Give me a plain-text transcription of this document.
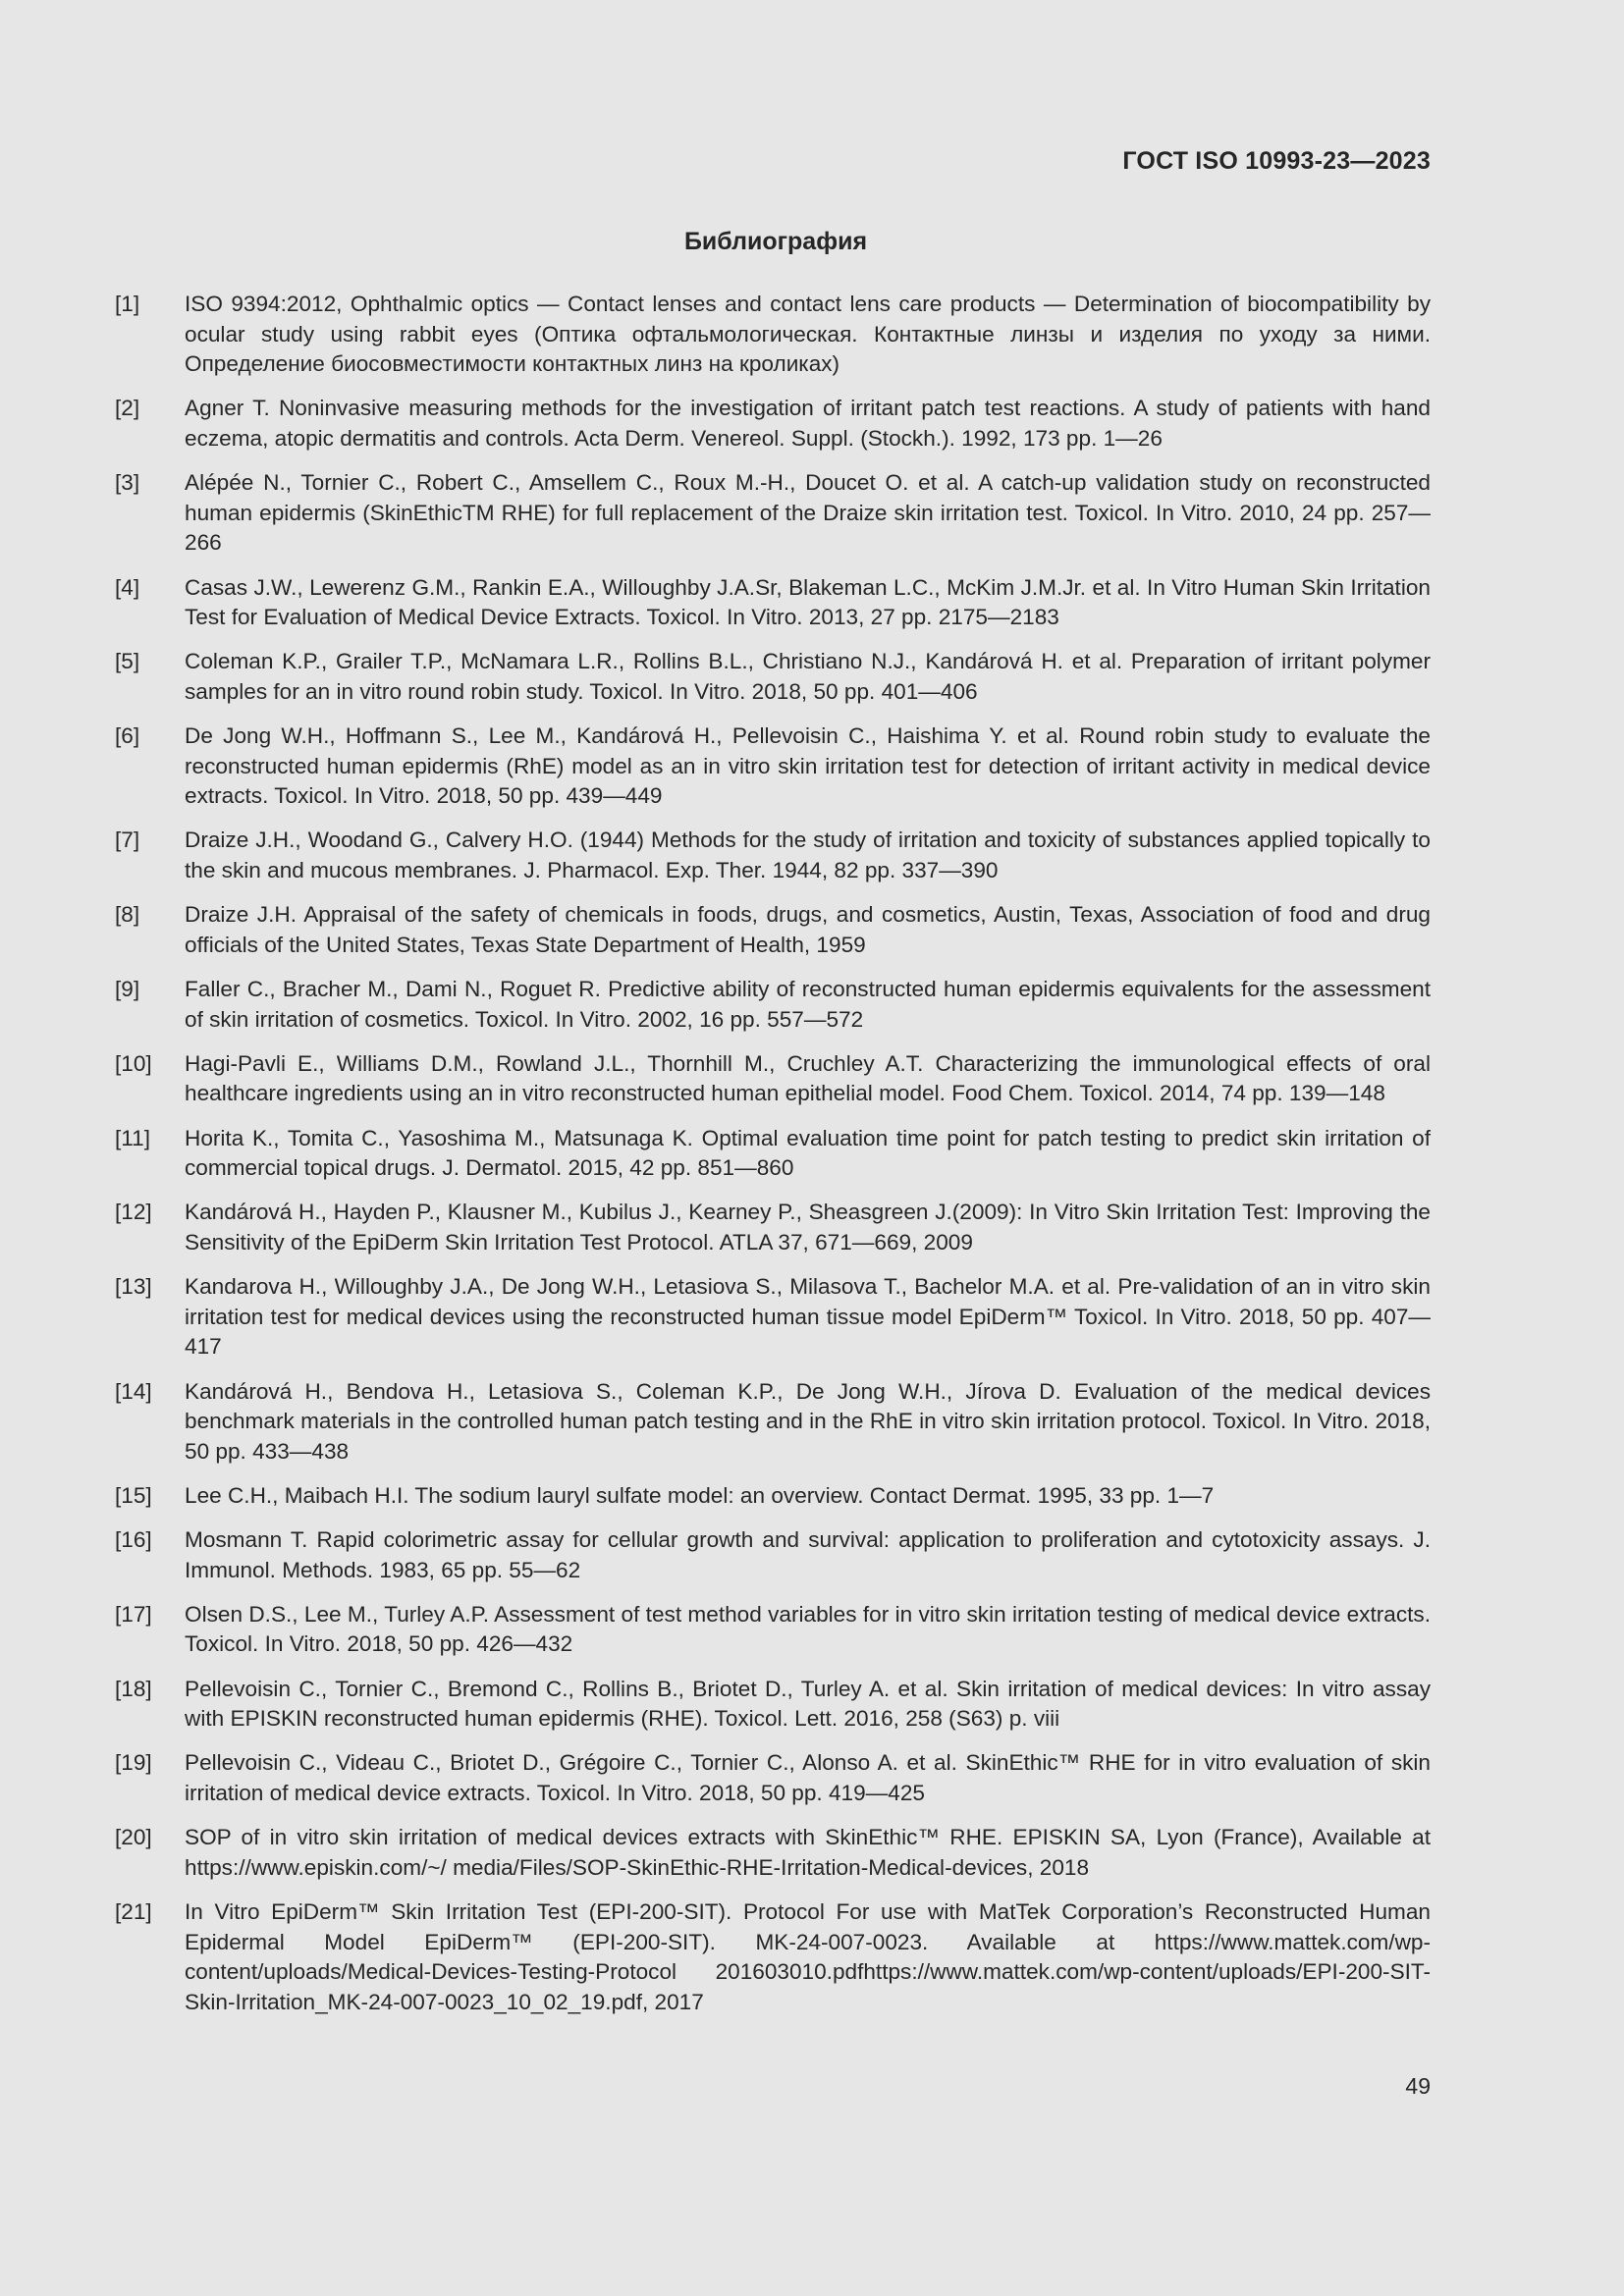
ГОСТ ISO 10993-23—2023
Библиография
[1]	ISO 9394:2012, Ophthalmic optics — Contact lenses and contact lens care products — Determination of biocompatibility by ocular study using rabbit eyes (Оптика офтальмологическая. Контактные линзы и изделия по уходу за ними. Определение биосовместимости контактных линз на кроликах)
[2]	Agner T. Noninvasive measuring methods for the investigation of irritant patch test reactions. A study of patients with hand eczema, atopic dermatitis and controls. Acta Derm. Venereol. Suppl. (Stockh.). 1992, 173 pp. 1—26
[3]	Alépée N., Tornier C., Robert C., Amsellem C., Roux M.-H., Doucet O. et al. A catch-up validation study on reconstructed human epidermis (SkinEthicTM RHE) for full replacement of the Draize skin irritation test. Toxicol. In Vitro. 2010, 24 pp. 257—266
[4]	Casas J.W., Lewerenz G.M., Rankin E.A., Willoughby J.A.Sr, Blakeman L.C., McKim J.M.Jr. et al. In Vitro Human Skin Irritation Test for Evaluation of Medical Device Extracts. Toxicol. In Vitro. 2013, 27 pp. 2175—2183
[5]	Coleman K.P., Grailer T.P., McNamara L.R., Rollins B.L., Christiano N.J., Kandárová H. et al. Preparation of irritant polymer samples for an in vitro round robin study. Toxicol. In Vitro. 2018, 50 pp. 401—406
[6]	De Jong W.H., Hoffmann S., Lee M., Kandárová H., Pellevoisin C., Haishima Y. et al. Round robin study to evaluate the reconstructed human epidermis (RhE) model as an in vitro skin irritation test for detection of irritant activity in medical device extracts. Toxicol. In Vitro. 2018, 50 pp. 439—449
[7]	Draize J.H., Woodand G., Calvery H.O. (1944) Methods for the study of irritation and toxicity of substances applied topically to the skin and mucous membranes. J. Pharmacol. Exp. Ther. 1944, 82 pp. 337—390
[8]	Draize J.H. Appraisal of the safety of chemicals in foods, drugs, and cosmetics, Austin, Texas, Association of food and drug officials of the United States, Texas State Department of Health, 1959
[9]	Faller C., Bracher M., Dami N., Roguet R. Predictive ability of reconstructed human epidermis equivalents for the assessment of skin irritation of cosmetics. Toxicol. In Vitro. 2002, 16 pp. 557—572
[10]	Hagi-Pavli E., Williams D.M., Rowland J.L., Thornhill M., Cruchley A.T. Characterizing the immunological effects of oral healthcare ingredients using an in vitro reconstructed human epithelial model. Food Chem. Toxicol. 2014, 74 pp. 139—148
[11]	Horita K., Tomita C., Yasoshima M., Matsunaga K. Optimal evaluation time point for patch testing to predict skin irritation of commercial topical drugs. J. Dermatol. 2015, 42 pp. 851—860
[12]	Kandárová H., Hayden P., Klausner M., Kubilus J., Kearney P., Sheasgreen J.(2009): In Vitro Skin Irritation Test: Improving the Sensitivity of the EpiDerm Skin Irritation Test Protocol. ATLA 37, 671—669, 2009
[13]	Kandarova H., Willoughby J.A., De Jong W.H., Letasiova S., Milasova T., Bachelor M.A. et al. Pre-validation of an in vitro skin irritation test for medical devices using the reconstructed human tissue model EpiDerm™ Toxicol. In Vitro. 2018, 50 pp. 407—417
[14]	Kandárová H., Bendova H., Letasiova S., Coleman K.P., De Jong W.H., Jírova D. Evaluation of the medical devices benchmark materials in the controlled human patch testing and in the RhE in vitro skin irritation protocol. Toxicol. In Vitro. 2018, 50 pp. 433—438
[15]	Lee C.H., Maibach H.I. The sodium lauryl sulfate model: an overview. Contact Dermat. 1995, 33 pp. 1—7
[16]	Mosmann T. Rapid colorimetric assay for cellular growth and survival: application to proliferation and cytotoxicity assays. J. Immunol. Methods. 1983, 65 pp. 55—62
[17]	Olsen D.S., Lee M., Turley A.P. Assessment of test method variables for in vitro skin irritation testing of medical device extracts. Toxicol. In Vitro. 2018, 50 pp. 426—432
[18]	Pellevoisin C., Tornier C., Bremond C., Rollins B., Briotet D., Turley A. et al. Skin irritation of medical devices: In vitro assay with EPISKIN reconstructed human epidermis (RHE). Toxicol. Lett. 2016, 258 (S63) p. viii
[19]	Pellevoisin C., Videau C., Briotet D., Grégoire C., Tornier C., Alonso A. et al. SkinEthic™ RHE for in vitro evaluation of skin irritation of medical device extracts. Toxicol. In Vitro. 2018, 50 pp. 419—425
[20]	SOP of in vitro skin irritation of medical devices extracts with SkinEthic™ RHE. EPISKIN SA, Lyon (France), Available at https://www.episkin.com/~/ media/Files/SOP-SkinEthic-RHE-Irritation-Medical-devices, 2018
[21]	In Vitro EpiDerm™ Skin Irritation Test (EPI-200-SIT). Protocol For use with MatTek Corporation’s Reconstructed Human Epidermal Model EpiDerm™ (EPI-200-SIT). MK-24-007-0023. Available at https://www.mattek.com/wp-content/uploads/Medical-Devices-Testing-Protocol 201603010.pdfhttps://www.mattek.com/wp-content/uploads/EPI-200-SIT-Skin-Irritation_MK-24-007-0023_10_02_19.pdf, 2017
49
